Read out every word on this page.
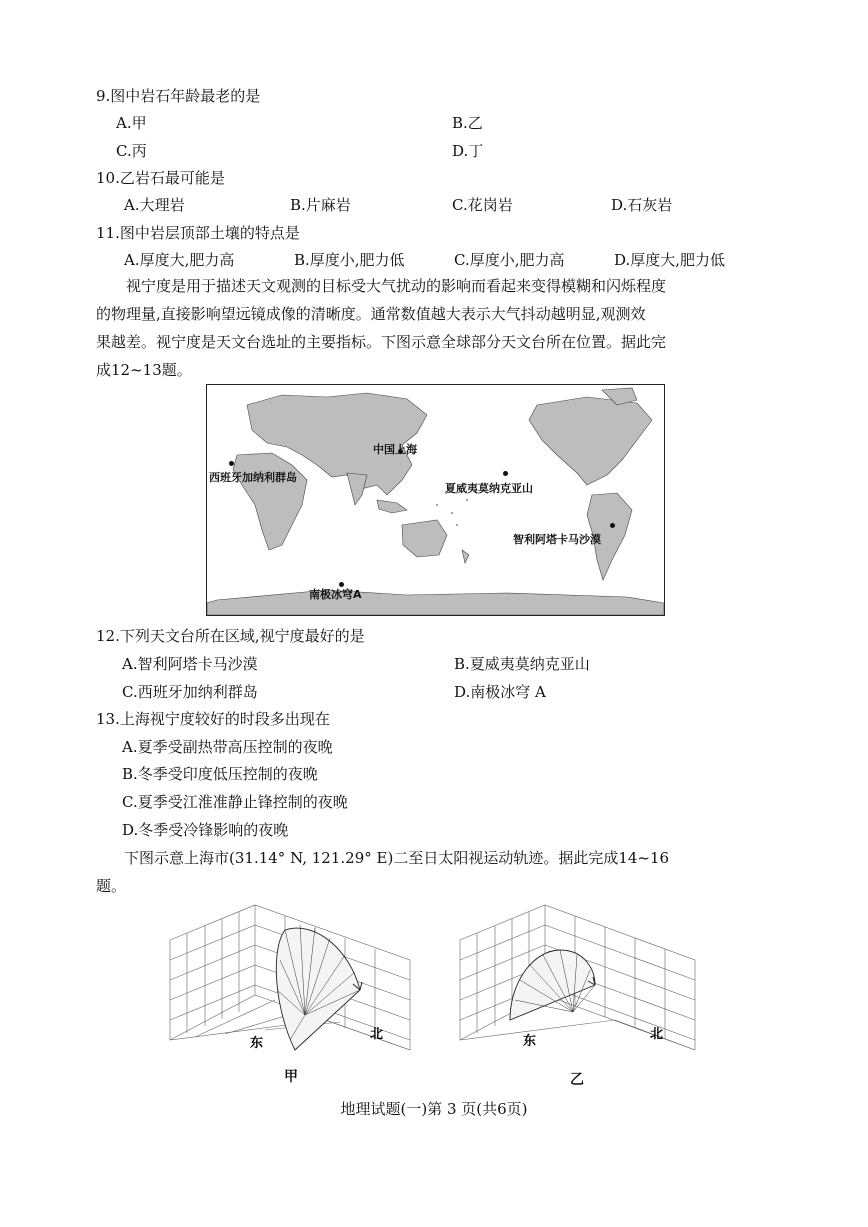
9.图中岩石年龄最老的是
A.甲	B.乙
C.丙	D.丁
10.乙岩石最可能是
A.大理岩	B.片麻岩	C.花岗岩	D.石灰岩
11.图中岩层顶部土壤的特点是
A.厚度大,肥力高	B.厚度小,肥力低	C.厚度小,肥力高	D.厚度大,肥力低
视宁度是用于描述天文观测的目标受大气扰动的影响而看起来变得模糊和闪烁程度
的物理量,直接影响望远镜成像的清晰度。通常数值越大表示大气抖动越明显,观测效
果越差。视宁度是天文台选址的主要指标。下图示意全球部分天文台所在位置。据此完
成12~13题。
中国上海
西班牙加纳利群岛
夏威夷莫纳克亚山
智利阿塔卡马沙漠
南极冰穹A
12.下列天文台所在区域,视宁度最好的是
A.智利阿塔卡马沙漠	B.夏威夷莫纳克亚山
C.西班牙加纳利群岛	D.南极冰穹 A
13.上海视宁度较好的时段多出现在
A.夏季受副热带高压控制的夜晚
B.冬季受印度低压控制的夜晚
C.夏季受江淮准静止锋控制的夜晚
D.冬季受冷锋影响的夜晚
下图示意上海市(31.14° N, 121.29° E)二至日太阳视运动轨迹。据此完成14~16
题。
东
北
甲
东	北
乙
地理试题(一)第 3 页(共6页)
